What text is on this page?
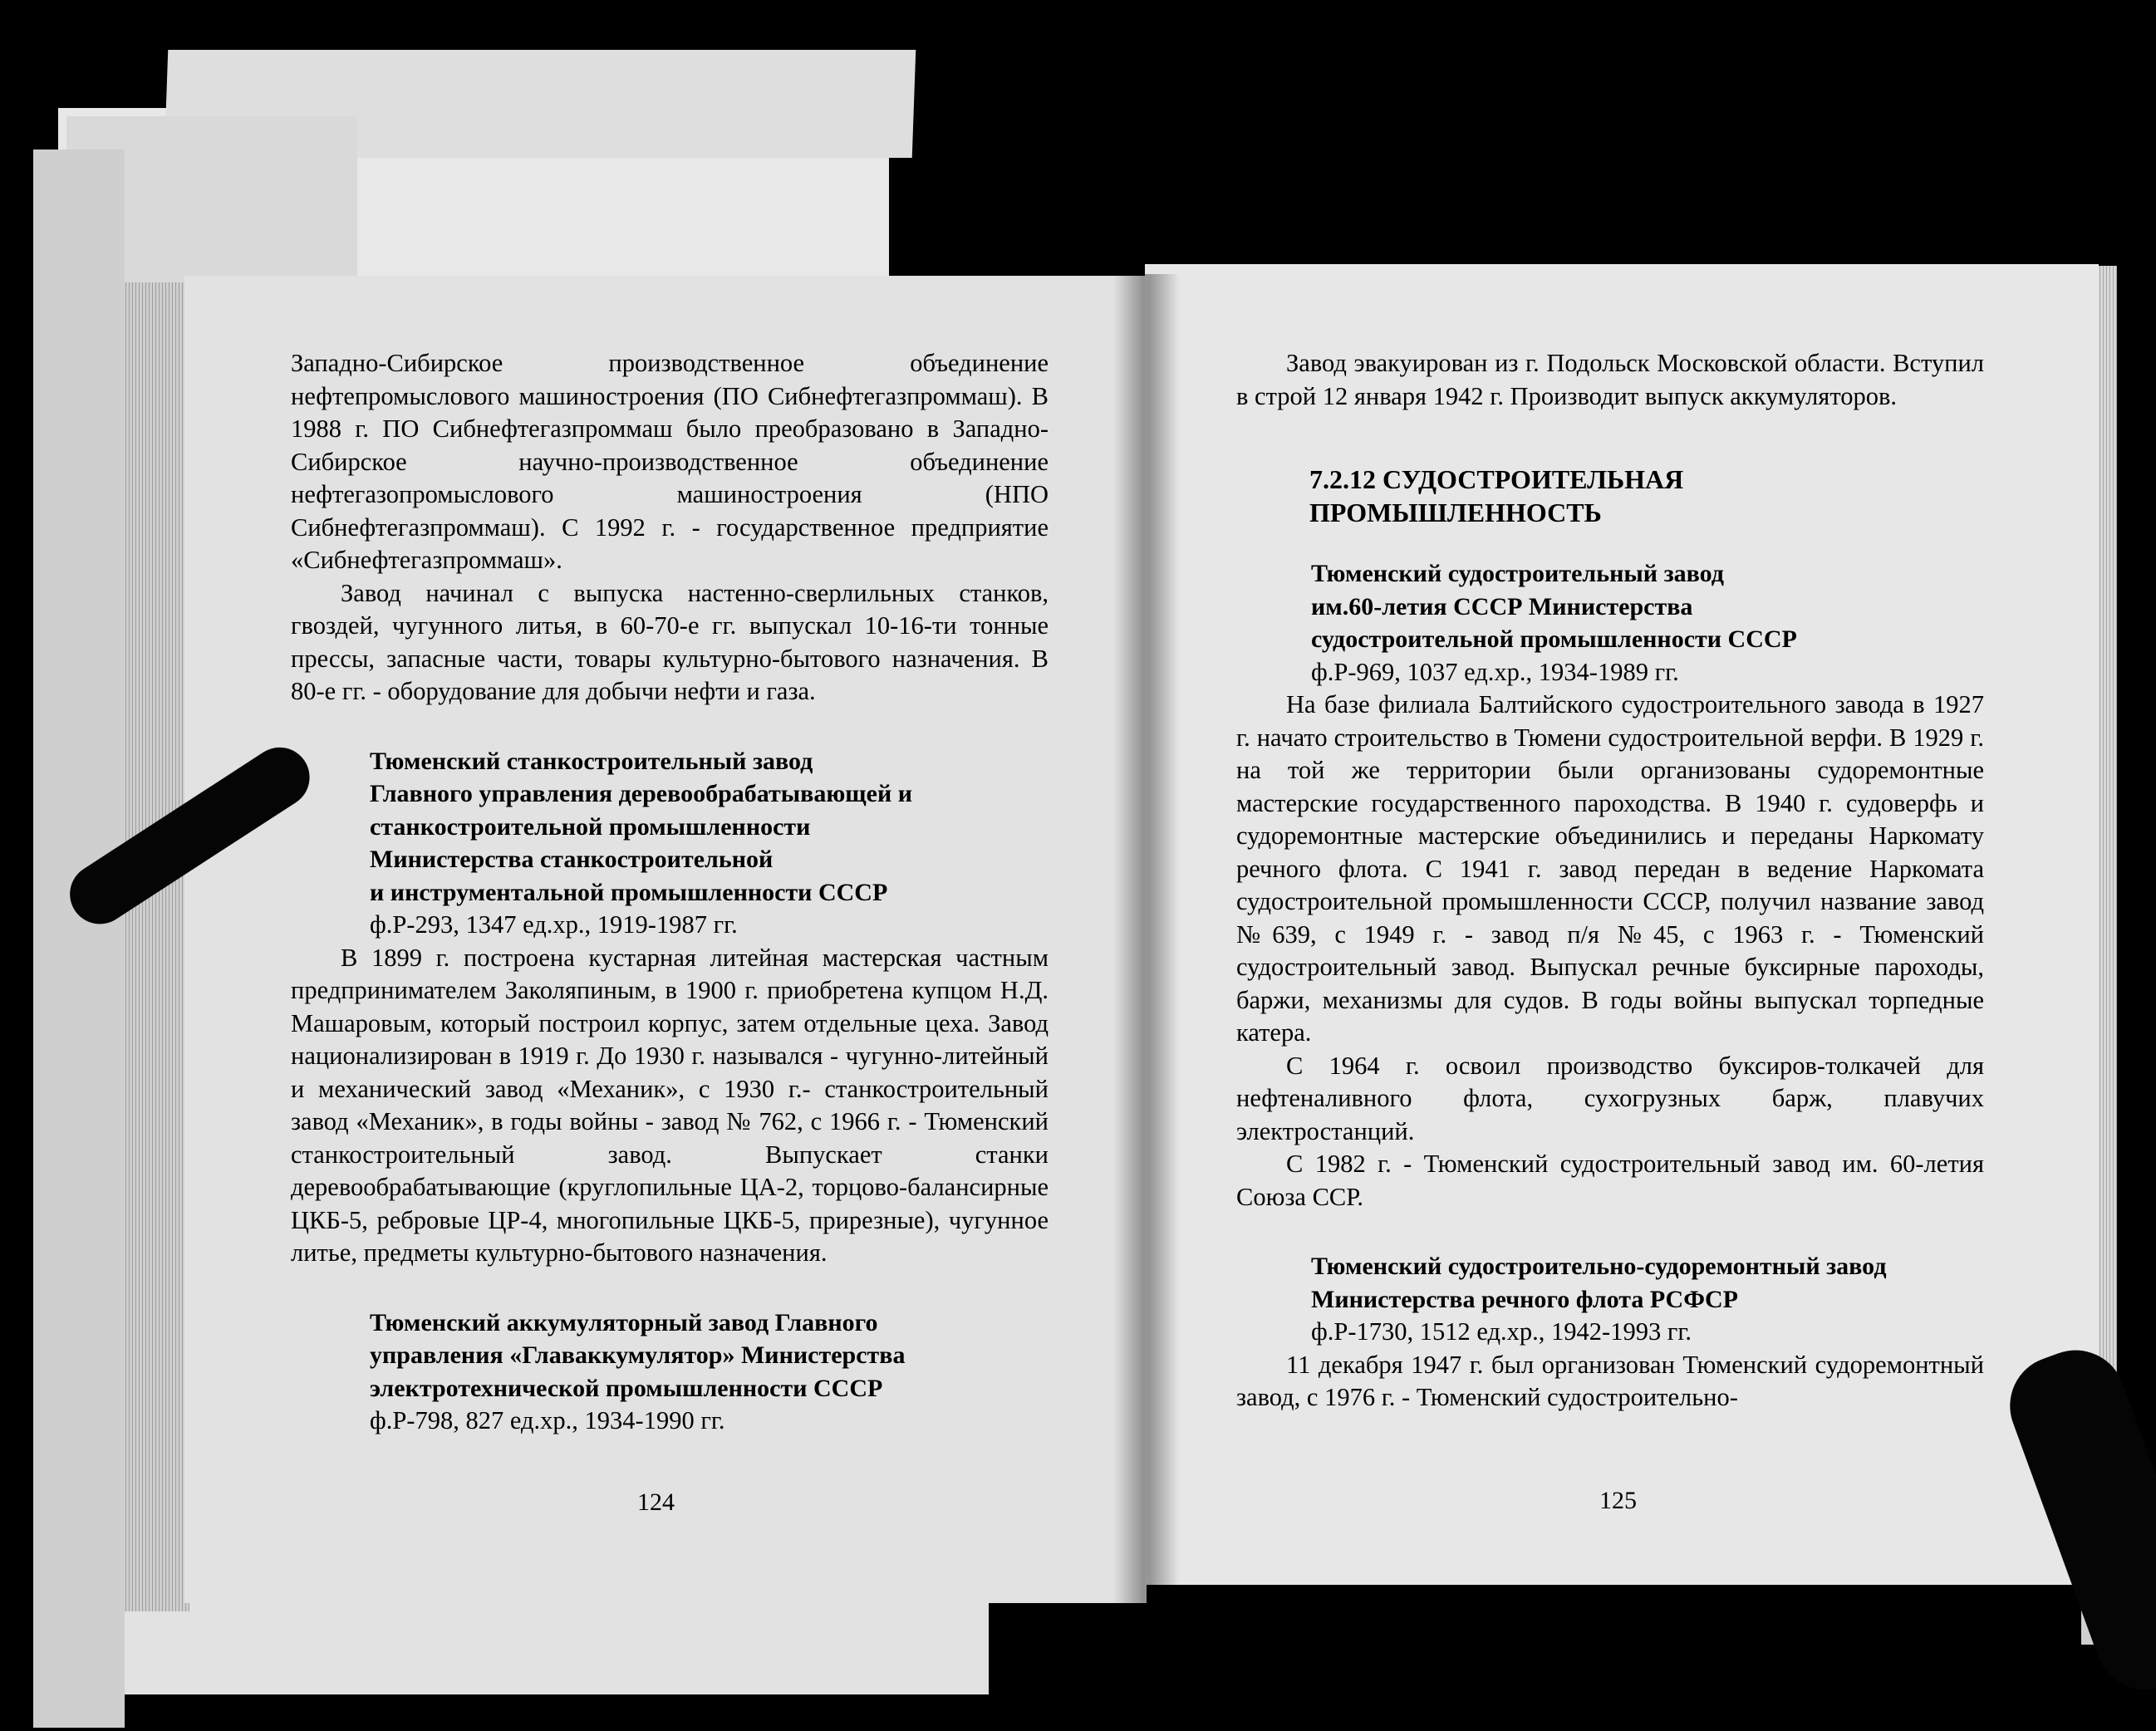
Западно-Сибирское производственное объединение нефтепромыслового машиностроения (ПО Сибнефтегазпроммаш). В 1988 г. ПО Сибнефтегазпроммаш было преобразовано в Западно-Сибирское научно-производственное объединение нефтегазопромыслового машиностроения (НПО Сибнефтегазпроммаш). С 1992 г. - государственное предприятие «Сибнефтегазпроммаш».

Завод начинал с выпуска настенно-сверлильных станков, гвоздей, чугунного литья, в 60-70-е гг. выпускал 10-16-ти тонные прессы, запасные части, товары культурно-бытового назначения. В 80-е гг. - оборудование для добычи нефти и газа.

Тюменский станкостроительный завод

Главного управления деревообрабатывающей и

станкостроительной промышленности

Министерства станкостроительной

и инструментальной промышленности СССР

ф.Р-293, 1347 ед.хр., 1919-1987 гг.

В 1899 г. построена кустарная литейная мастерская частным предпринимателем Заколяпиным, в 1900 г. приобретена купцом Н.Д. Машаровым, который построил корпус, затем отдельные цеха. Завод национализирован в 1919 г. До 1930 г. назывался - чугунно-литейный и механический завод «Механик», с 1930 г.- станкостроительный завод «Механик», в годы войны - завод № 762, с 1966 г. - Тюменский станкостроительный завод. Выпускает станки деревообрабатывающие (круглопильные ЦА-2, торцово-балансирные ЦКБ-5, ребровые ЦР-4, многопильные ЦКБ-5, прирезные), чугунное литье, предметы культурно-бытового назначения.

Тюменский аккумуляторный завод Главного

управления «Главаккумулятор» Министерства

электротехнической промышленности СССР

ф.Р-798, 827 ед.хр., 1934-1990 гг.

124

Завод эвакуирован из г. Подольск Московской области. Вступил в строй 12 января 1942 г. Производит выпуск аккумуляторов.

7.2.12 СУДОСТРОИТЕЛЬНАЯ

ПРОМЫШЛЕННОСТЬ

Тюменский судостроительный завод

им.60-летия СССР Министерства

судостроительной промышленности СССР

ф.Р-969, 1037 ед.хр., 1934-1989 гг.

На базе филиала Балтийского судостроительного завода в 1927 г. начато строительство в Тюмени судостроительной верфи. В 1929 г. на той же территории были организованы судоремонтные мастерские государственного пароходства. В 1940 г. судоверфь и судоремонтные мастерские объединились и переданы Наркомату речного флота. С 1941 г. завод передан в ведение Наркомата судостроительной промышленности СССР, получил название завод №639, с 1949 г. - завод п/я №45, с 1963 г. - Тюменский судостроительный завод. Выпускал речные буксирные пароходы, баржи, механизмы для судов. В годы войны выпускал торпедные катера.

С 1964 г. освоил производство буксиров-толкачей для нефтеналивного флота, сухогрузных барж, плавучих электростанций.

С 1982 г. - Тюменский судостроительный завод им. 60-летия Союза ССР.

Тюменский судостроительно-судоремонтный завод

Министерства речного флота РСФСР

ф.Р-1730, 1512 ед.хр., 1942-1993 гг.

11 декабря 1947 г. был организован Тюменский судоремонтный завод, с 1976 г. - Тюменский судостроительно-

125
